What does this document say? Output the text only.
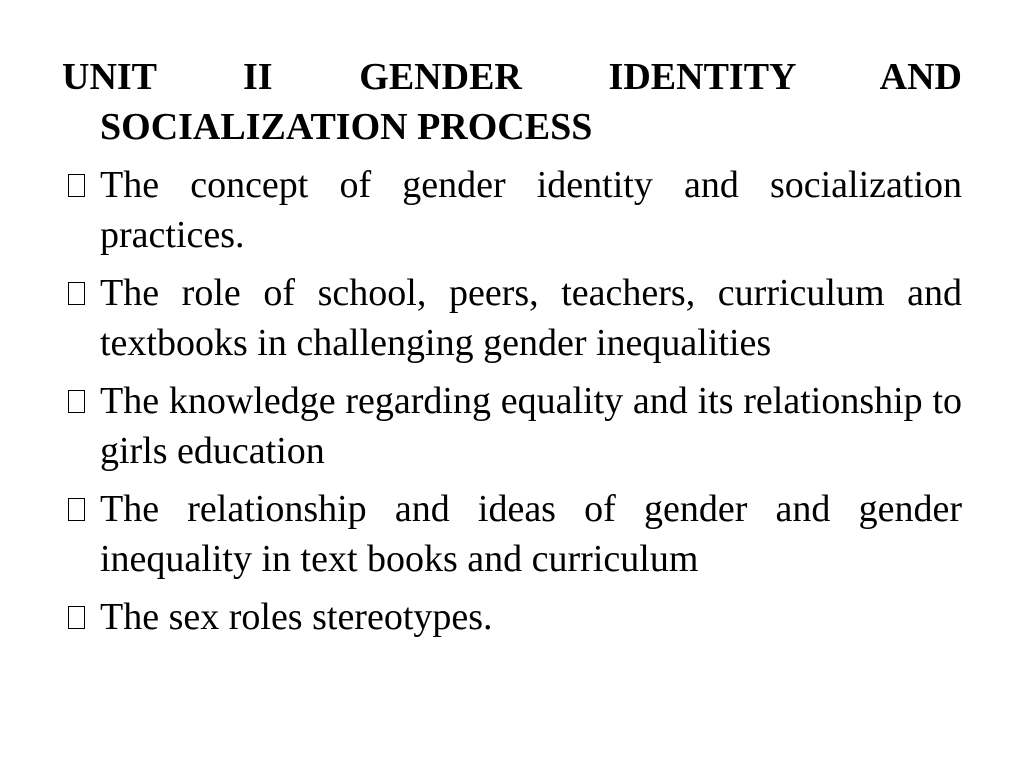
UNIT II GENDER IDENTITY AND SOCIALIZATION PROCESS
The concept of gender identity and socialization practices.
The role of school, peers, teachers, curriculum and textbooks in challenging gender inequalities
The knowledge regarding equality and its relationship to girls education
The relationship and ideas of gender and gender inequality in text books and curriculum
The sex roles stereotypes.
